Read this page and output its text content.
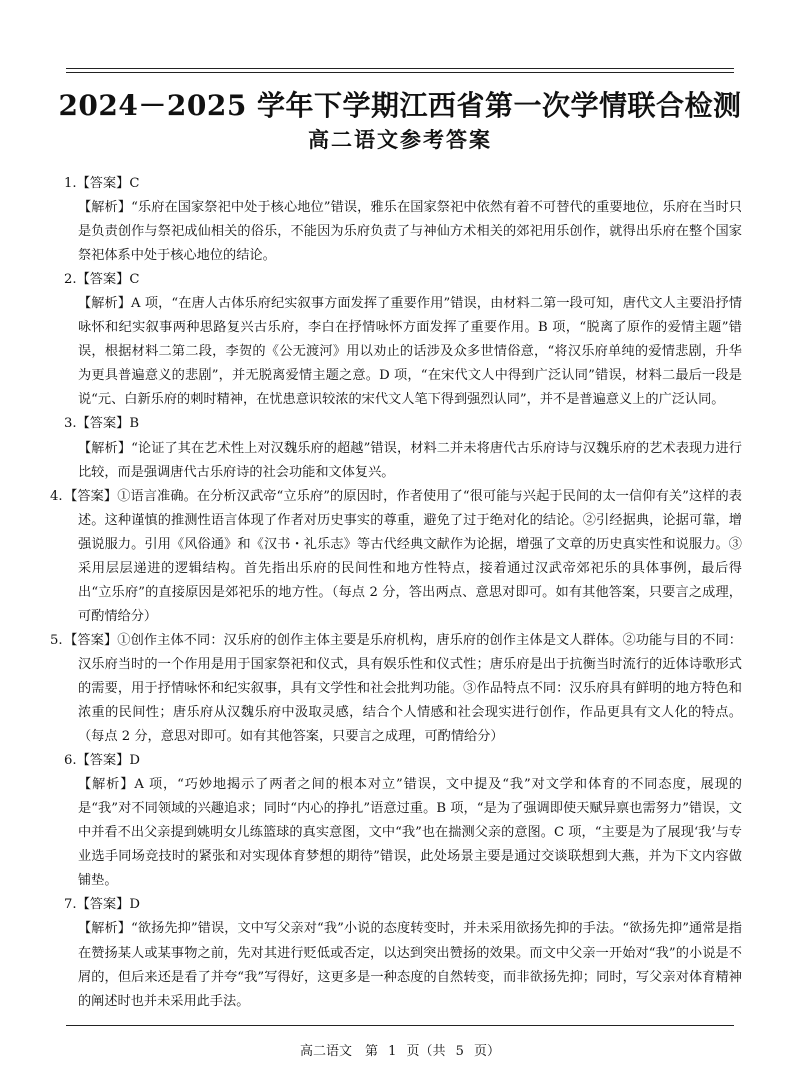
2024－2025 学年下学期江西省第一次学情联合检测
高二语文参考答案
1.【答案】C
【解析】“乐府在国家祭祀中处于核心地位”错误，雅乐在国家祭祀中依然有着不可替代的重要地位，乐府在当时只是负责创作与祭祀成仙相关的俗乐，不能因为乐府负责了与神仙方术相关的郊祀用乐创作，就得出乐府在整个国家祭祀体系中处于核心地位的结论。
2.【答案】C
【解析】A 项，“在唐人古体乐府纪实叙事方面发挥了重要作用”错误，由材料二第一段可知，唐代文人主要沿抒情咏怀和纪实叙事两种思路复兴古乐府，李白在抒情咏怀方面发挥了重要作用。B 项，“脱离了原作的爱情主题”错误，根据材料二第二段，李贺的《公无渡河》用以劝止的话涉及众多世情俗意，“将汉乐府单纯的爱情悲剧，升华为更具普遍意义的悲剧”，并无脱离爱情主题之意。D 项，“在宋代文人中得到广泛认同”错误，材料二最后一段是说“元、白新乐府的刺时精神，在忧患意识较浓的宋代文人笔下得到强烈认同”，并不是普遍意义上的广泛认同。
3.【答案】B
【解析】“论证了其在艺术性上对汉魏乐府的超越”错误，材料二并未将唐代古乐府诗与汉魏乐府的艺术表现力进行比较，而是强调唐代古乐府诗的社会功能和文体复兴。
4.【答案】①语言准确。在分析汉武帝“立乐府”的原因时，作者使用了“很可能与兴起于民间的太一信仰有关”这样的表述。这种谨慎的推测性语言体现了作者对历史事实的尊重，避免了过于绝对化的结论。②引经据典，论据可靠，增强说服力。引用《风俗通》和《汉书・礼乐志》等古代经典文献作为论据，增强了文章的历史真实性和说服力。③采用层层递进的逻辑结构。首先指出乐府的民间性和地方性特点，接着通过汉武帝郊祀乐的具体事例，最后得出“立乐府”的直接原因是郊祀乐的地方性。（每点 2 分，答出两点、意思对即可。如有其他答案，只要言之成理，可酌情给分）
5.【答案】①创作主体不同：汉乐府的创作主体主要是乐府机构，唐乐府的创作主体是文人群体。②功能与目的不同：汉乐府当时的一个作用是用于国家祭祀和仪式，具有娱乐性和仪式性；唐乐府是出于抗衡当时流行的近体诗歌形式的需要，用于抒情咏怀和纪实叙事，具有文学性和社会批判功能。③作品特点不同：汉乐府具有鲜明的地方特色和浓重的民间性；唐乐府从汉魏乐府中汲取灵感，结合个人情感和社会现实进行创作，作品更具有文人化的特点。（每点 2 分，意思对即可。如有其他答案，只要言之成理，可酌情给分）
6.【答案】D
【解析】A 项，“巧妙地揭示了两者之间的根本对立”错误，文中提及“我”对文学和体育的不同态度，展现的是“我”对不同领域的兴趣追求；同时“内心的挣扎”语意过重。B 项，“是为了强调即使天赋异禀也需努力”错误，文中并看不出父亲提到姚明女儿练篮球的真实意图，文中“我”也在揣测父亲的意图。C 项，“主要是为了展现‘我’与专业选手同场竞技时的紧张和对实现体育梦想的期待”错误，此处场景主要是通过交谈联想到大燕，并为下文内容做铺垫。
7.【答案】D
【解析】“欲扬先抑”错误，文中写父亲对“我”小说的态度转变时，并未采用欲扬先抑的手法。“欲扬先抑”通常是指在赞扬某人或某事物之前，先对其进行贬低或否定，以达到突出赞扬的效果。而文中父亲一开始对“我”的小说是不屑的，但后来还是看了并夸“我”写得好，这更多是一种态度的自然转变，而非欲扬先抑；同时，写父亲对体育精神的阐述时也并未采用此手法。
高二语文　第 1 页（共 5 页）
